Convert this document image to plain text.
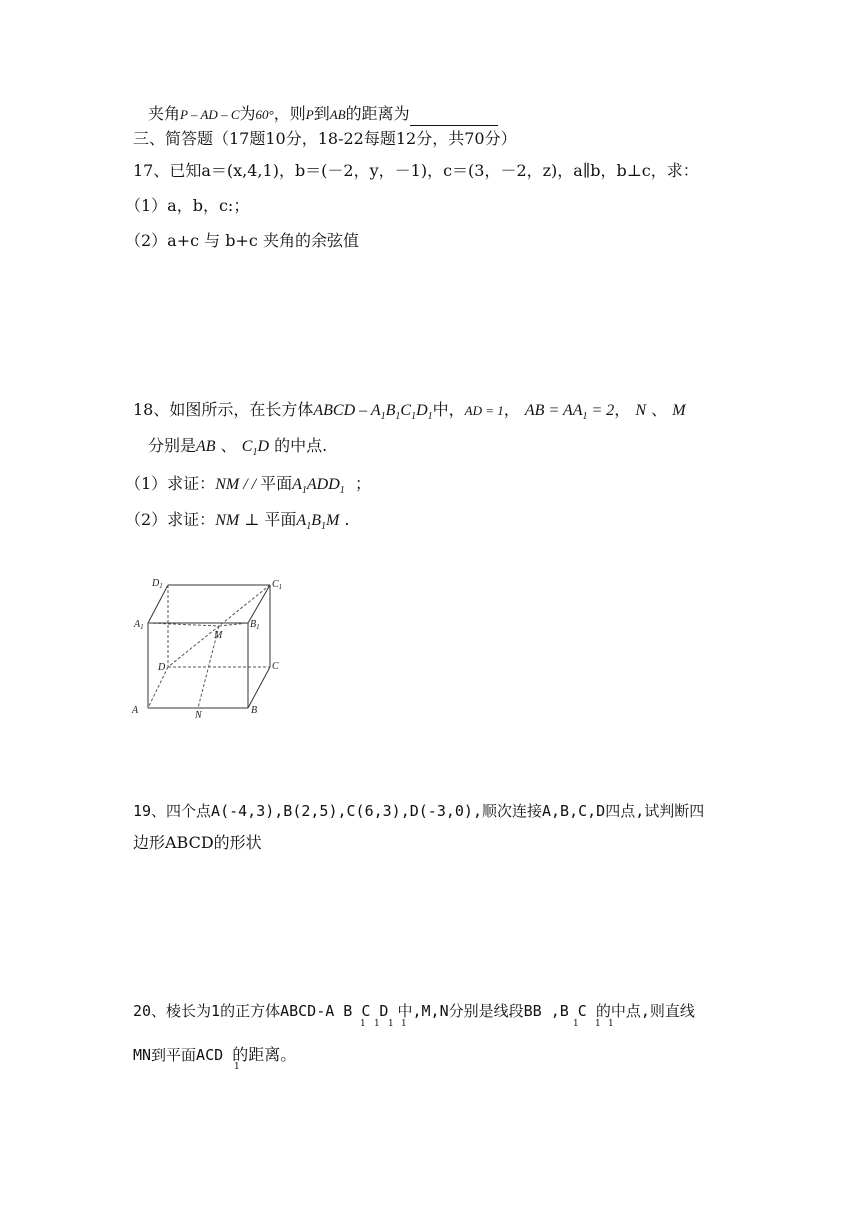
夹角P – AD – C为60°，则P到AB的距离为
三、简答题（17题10分，18-22每题12分，共70分）
17、已知a＝(x,4,1)，b＝(－2，y，－1)，c＝(3，－2，z)，a∥b，b⊥c，求：
（1）a，b，c:；
（2）a+c 与 b+c 夹角的余弦值
18、如图所示，在长方体ABCD – $A_1B_1C_1D_1$中，AD = 1， AB = $AA_1 = 2$， N 、 M
分别是AB 、 $C_1D$ 的中点.
（1）求证：NM / / 平面$A_1ADD_1$ ；
（2）求证：NM ⊥ 平面$A_1B_1M$ .
$D_1$	$C_1$
$A_1$	$B_1$
M
D	C
A	N	B
19、四个点A(-4,3),B(2,5),C(6,3),D(-3,0),顺次连接A,B,C,D四点,试判断四
边形ABCD的形状
20、棱长为1的正方体ABCD-A B C D 中,M,N分别是线段BB ,B C 的中点,则直线
1 1 1 1	1 1 1
MN到平面ACD 的距离。
1
